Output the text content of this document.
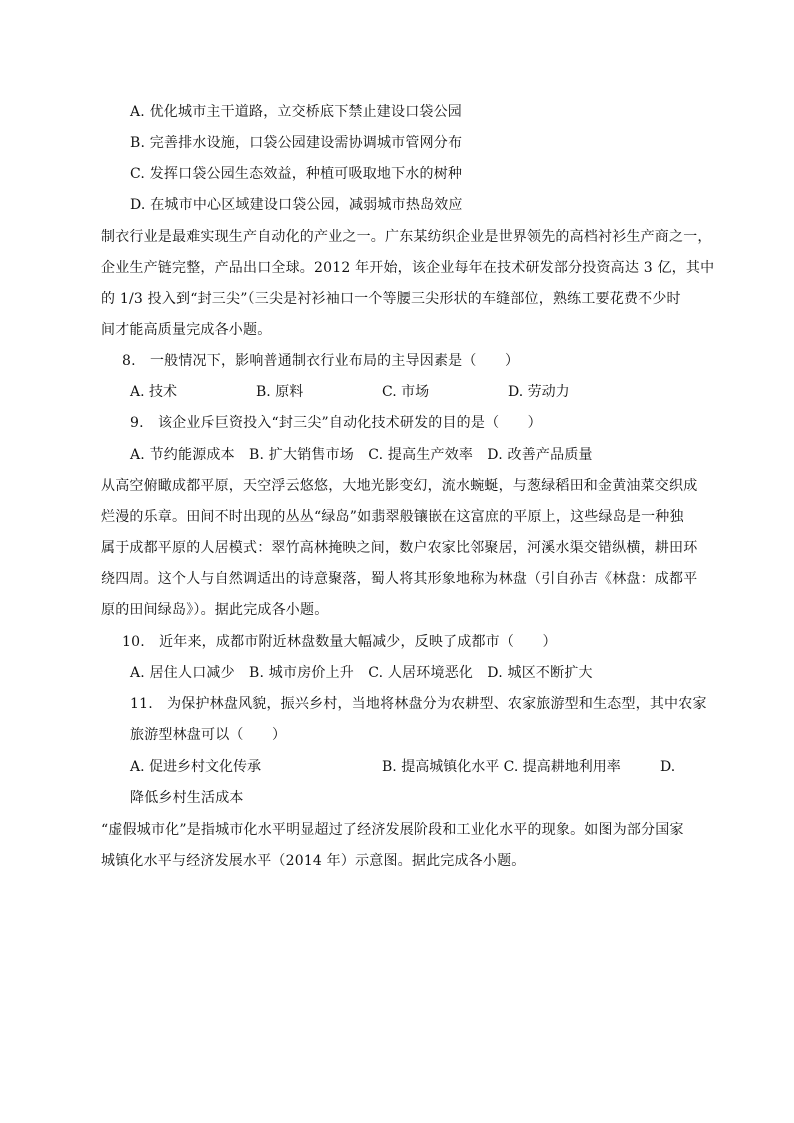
A. 优化城市主干道路，立交桥底下禁止建设口袋公园
B. 完善排水设施，口袋公园建设需协调城市管网分布
C. 发挥口袋公园生态效益，种植可吸取地下水的树种
D. 在城市中心区域建设口袋公园，减弱城市热岛效应
制衣行业是最难实现生产自动化的产业之一。广东某纺织企业是世界领先的高档衬衫生产商之一，
企业生产链完整，产品出口全球。2012 年开始，该企业每年在技术研发部分投资高达 3 亿，其中
的 1/3 投入到“封三尖”（三尖是衬衫袖口一个等腰三尖形状的车缝部位，熟练工要花费不少时
间才能高质量完成各小题。
8.　一般情况下，影响普通制衣行业布局的主导因素是（　　）
A. 技术	B. 原料	C. 市场	D. 劳动力
9.　该企业斥巨资投入“封三尖”自动化技术研发的目的是（　　）
A. 节约能源成本　B. 扩大销售市场　C. 提高生产效率　D. 改善产品质量
从高空俯瞰成都平原，天空浮云悠悠，大地光影变幻，流水蜿蜒，与葱绿稻田和金黄油菜交织成
烂漫的乐章。田间不时出现的丛丛“绿岛”如翡翠般镶嵌在这富庶的平原上，这些绿岛是一种独
属于成都平原的人居模式：翠竹高林掩映之间，数户农家比邻聚居，河溪水渠交错纵横，耕田环
绕四周。这个人与自然调适出的诗意聚落，蜀人将其形象地称为林盘（引自孙吉《林盘：成都平
原的田间绿岛》）。据此完成各小题。
10.　近年来，成都市附近林盘数量大幅减少，反映了成都市（　　）
A. 居住人口减少　B. 城市房价上升　C. 人居环境恶化　D. 城区不断扩大
11.　为保护林盘风貌，振兴乡村，当地将林盘分为农耕型、农家旅游型和生态型，其中农家
旅游型林盘可以（　　）
A. 促进乡村文化传承	B. 提高城镇化水平 C. 提高耕地利用率	D.
降低乡村生活成本
“虚假城市化”是指城市化水平明显超过了经济发展阶段和工业化水平的现象。如图为部分国家
城镇化水平与经济发展水平（2014 年）示意图。据此完成各小题。
